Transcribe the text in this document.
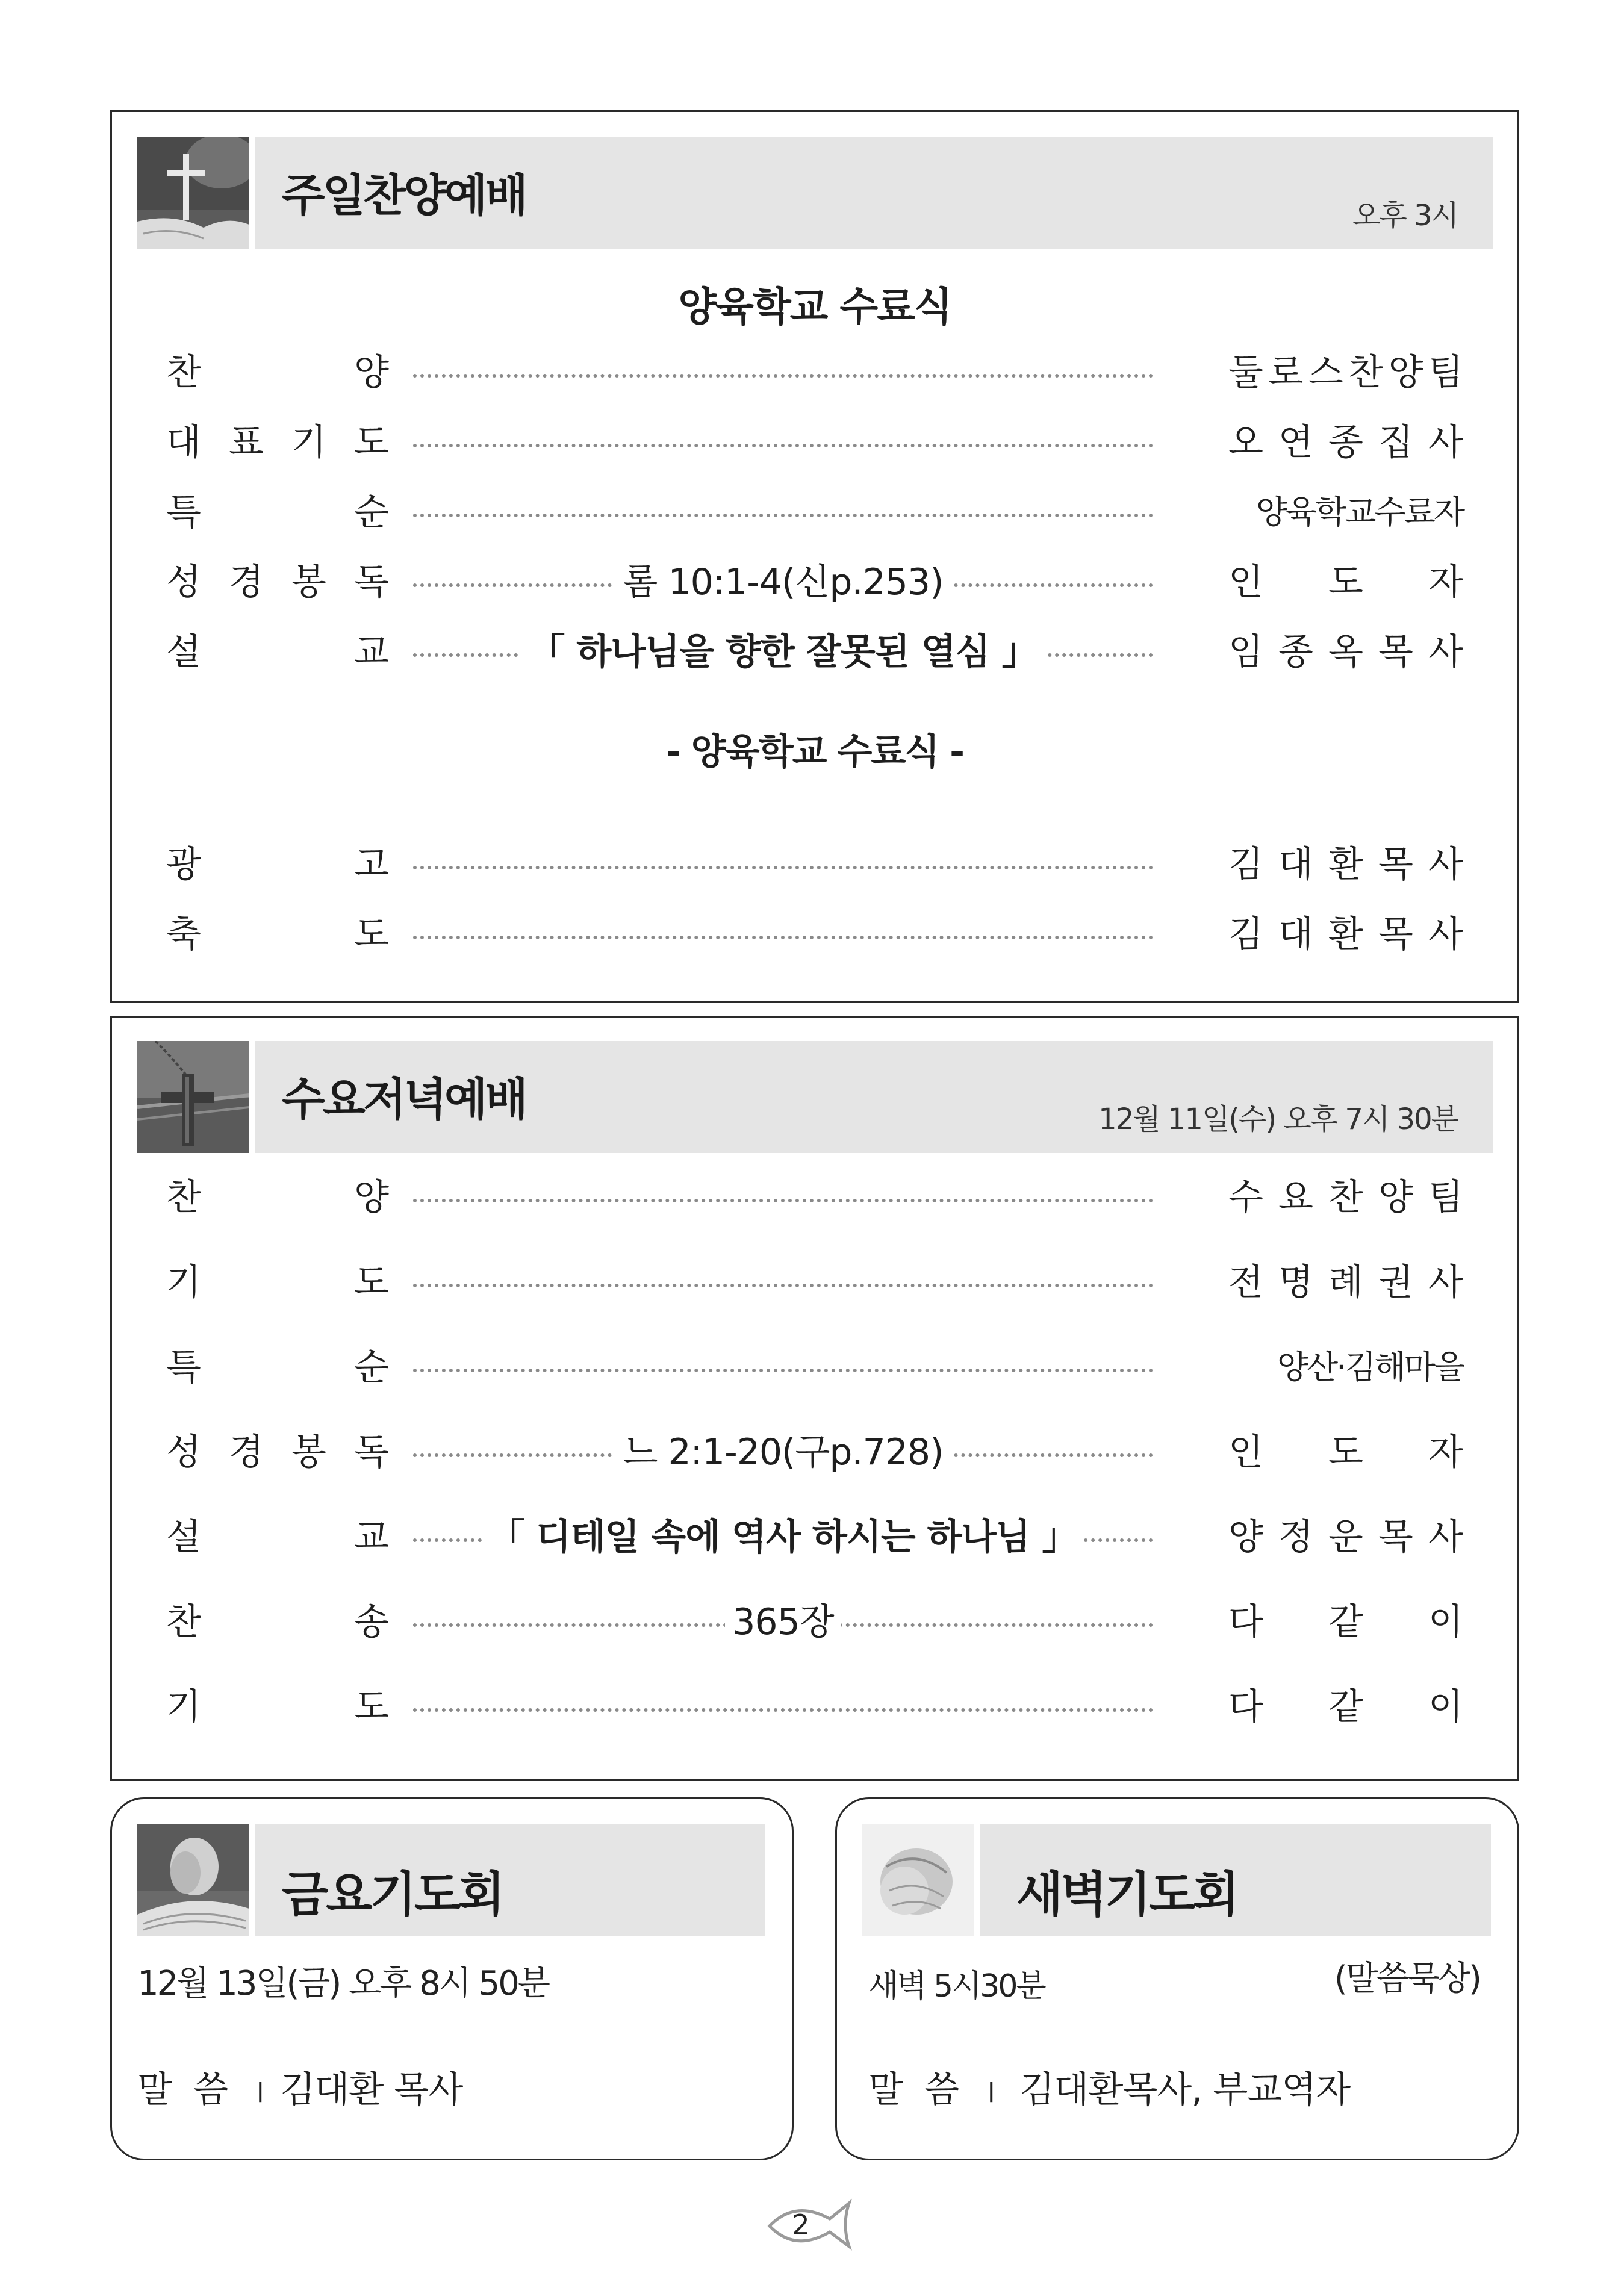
주일찬양예배	오후 3시
양육학교 수료식
찬	양	둘 로 스 찬 양 팀
대 표 기 도	오 연 종 집 사
특	순	양육학교수료자
성 경 봉 독	롬 10:1-4(신p.253)	인 도 자
설	교	「 하나님을 향한 잘못된 열심 」	임 종 옥 목 사
- 양육학교 수료식 -
광	고	김 대 환 목 사
축	도	김 대 환 목 사
수요저녁예배	12월 11일(수) 오후 7시 30분
찬	양	수 요 찬 양 팀
기	도	전 명 례 권 사
특	순	양산·김해마을
성 경 봉 독	느 2:1-20(구p.728)	인 도 자
설	교	「 디테일 속에 역사 하시는 하나님 」	양 정 운 목 사
찬	송	365장	다 같 이
기	도	다 같 이
금요기도회
12월 13일(금) 오후 8시 50분
말  씀 l 김대환 목사
새벽기도회
새벽 5시30분	(말씀묵상)
말  씀 l 김대환목사, 부교역자
2
